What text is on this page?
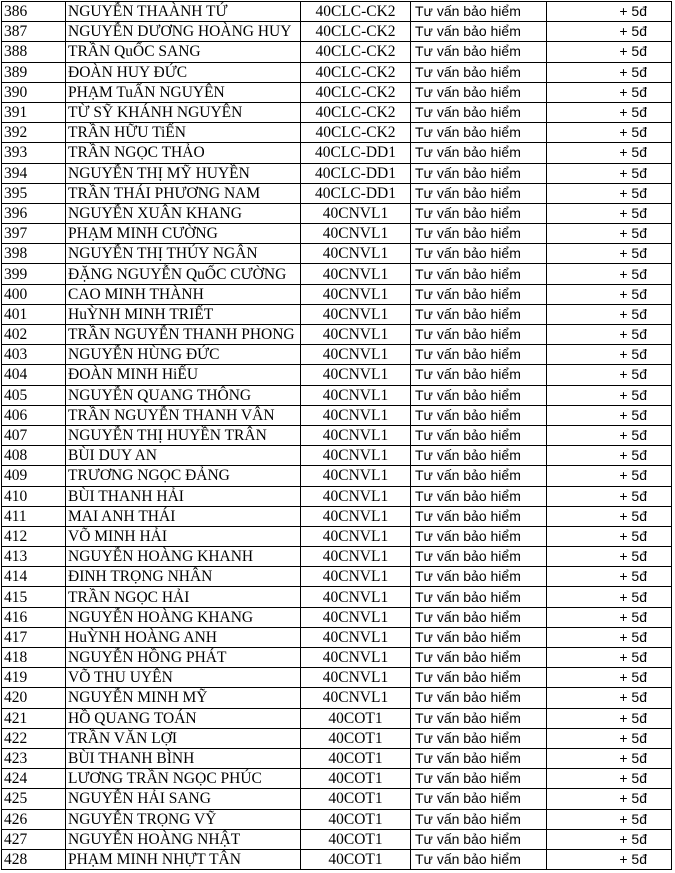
386	NGUYỄN THAÀNH TỨ	40CLC-CK2	Tư vấn bảo hiểm	+ 5đ
387	NGUYỄN DƯƠNG HOÀNG HUY	40CLC-CK2	Tư vấn bảo hiểm	+ 5đ
388	TRẦN QuỐC SANG	40CLC-CK2	Tư vấn bảo hiểm	+ 5đ
389	ĐOÀN HUY ĐỨC	40CLC-CK2	Tư vấn bảo hiểm	+ 5đ
390	PHẠM TuẤN NGUYÊN	40CLC-CK2	Tư vấn bảo hiểm	+ 5đ
391	TỪ SỸ KHÁNH NGUYÊN	40CLC-CK2	Tư vấn bảo hiểm	+ 5đ
392	TRẦN HỮU TiẾN	40CLC-CK2	Tư vấn bảo hiểm	+ 5đ
393	TRẦN NGỌC THẢO	40CLC-DD1	Tư vấn bảo hiểm	+ 5đ
394	NGUYỄN THỊ MỸ HUYỀN	40CLC-DD1	Tư vấn bảo hiểm	+ 5đ
395	TRẦN THÁI PHƯƠNG NAM	40CLC-DD1	Tư vấn bảo hiểm	+ 5đ
396	NGUYỄN XUÂN KHANG	40CNVL1	Tư vấn bảo hiểm	+ 5đ
397	PHẠM MINH CƯỜNG	40CNVL1	Tư vấn bảo hiểm	+ 5đ
398	NGUYỄN THỊ THÚY NGÂN	40CNVL1	Tư vấn bảo hiểm	+ 5đ
399	ĐẶNG NGUYỄN QuỐC CƯỜNG	40CNVL1	Tư vấn bảo hiểm	+ 5đ
400	CAO MINH THÀNH	40CNVL1	Tư vấn bảo hiểm	+ 5đ
401	HuỲNH MINH TRIẾT	40CNVL1	Tư vấn bảo hiểm	+ 5đ
402	TRẦN NGUYỄN THANH PHONG	40CNVL1	Tư vấn bảo hiểm	+ 5đ
403	NGUYỄN HÙNG ĐỨC	40CNVL1	Tư vấn bảo hiểm	+ 5đ
404	ĐOÀN MINH HiẾU	40CNVL1	Tư vấn bảo hiểm	+ 5đ
405	NGUYỄN QUANG THÔNG	40CNVL1	Tư vấn bảo hiểm	+ 5đ
406	TRẦN NGUYỄN THANH VÂN	40CNVL1	Tư vấn bảo hiểm	+ 5đ
407	NGUYỄN THỊ HUYỀN TRÂN	40CNVL1	Tư vấn bảo hiểm	+ 5đ
408	BÙI DUY AN	40CNVL1	Tư vấn bảo hiểm	+ 5đ
409	TRƯƠNG NGỌC ĐẢNG	40CNVL1	Tư vấn bảo hiểm	+ 5đ
410	BÙI THANH HẢI	40CNVL1	Tư vấn bảo hiểm	+ 5đ
411	MAI ANH THÁI	40CNVL1	Tư vấn bảo hiểm	+ 5đ
412	VÕ MINH HẢI	40CNVL1	Tư vấn bảo hiểm	+ 5đ
413	NGUYỄN HOÀNG KHANH	40CNVL1	Tư vấn bảo hiểm	+ 5đ
414	ĐINH TRỌNG NHÂN	40CNVL1	Tư vấn bảo hiểm	+ 5đ
415	TRẦN NGỌC HẢI	40CNVL1	Tư vấn bảo hiểm	+ 5đ
416	NGUYỄN HOÀNG KHANG	40CNVL1	Tư vấn bảo hiểm	+ 5đ
417	HuỲNH HOÀNG ANH	40CNVL1	Tư vấn bảo hiểm	+ 5đ
418	NGUYỄN HỒNG PHÁT	40CNVL1	Tư vấn bảo hiểm	+ 5đ
419	VÕ THU UYÊN	40CNVL1	Tư vấn bảo hiểm	+ 5đ
420	NGUYỄN MINH MỸ	40CNVL1	Tư vấn bảo hiểm	+ 5đ
421	HỒ QUANG TOÁN	40COT1	Tư vấn bảo hiểm	+ 5đ
422	TRẦN VĂN LỢI	40COT1	Tư vấn bảo hiểm	+ 5đ
423	BÙI THANH BÌNH	40COT1	Tư vấn bảo hiểm	+ 5đ
424	LƯƠNG TRẦN NGỌC PHÚC	40COT1	Tư vấn bảo hiểm	+ 5đ
425	NGUYỄN HẢI SANG	40COT1	Tư vấn bảo hiểm	+ 5đ
426	NGUYỄN TRỌNG VỸ	40COT1	Tư vấn bảo hiểm	+ 5đ
427	NGUYỄN HOÀNG NHẬT	40COT1	Tư vấn bảo hiểm	+ 5đ
428	PHẠM MINH NHỰT TÂN	40COT1	Tư vấn bảo hiểm	+ 5đ
